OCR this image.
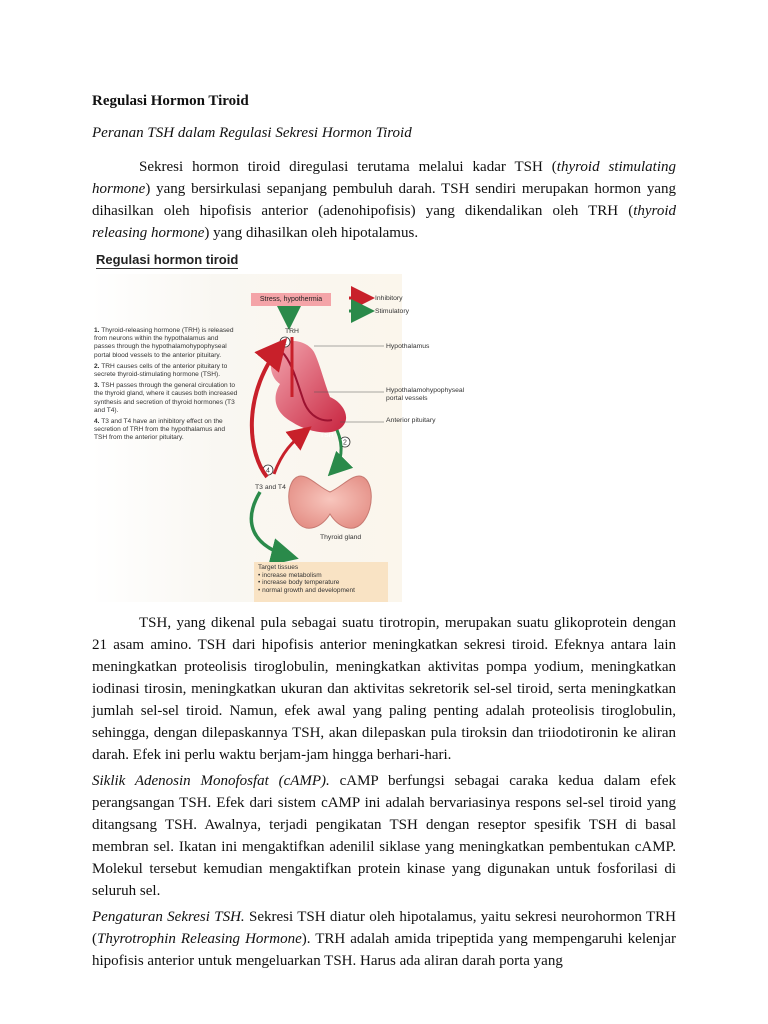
Regulasi Hormon Tiroid
Peranan TSH dalam Regulasi Sekresi Hormon Tiroid
Sekresi hormon tiroid diregulasi terutama melalui kadar TSH (thyroid stimulating hormone) yang bersirkulasi sepanjang pembuluh darah. TSH sendiri merupakan hormon yang dihasilkan oleh hipofisis anterior (adenohipofisis) yang dikendalikan oleh TRH (thyroid releasing hormone) yang dihasilkan oleh hipotalamus.
TSH, yang dikenal pula sebagai suatu tirotropin, merupakan suatu glikoprotein dengan 21 asam amino. TSH dari hipofisis anterior meningkatkan sekresi tiroid. Efeknya antara lain meningkatkan proteolisis tiroglobulin, meningkatkan aktivitas pompa yodium, meningkatkan iodinasi tirosin, meningkatkan ukuran dan aktivitas sekretorik sel-sel tiroid, serta meningkatkan jumlah sel-sel tiroid. Namun, efek awal yang paling penting adalah proteolisis tiroglobulin, sehingga, dengan dilepaskannya TSH, akan dilepaskan pula tiroksin dan triiodotironin ke aliran darah. Efek ini perlu waktu berjam-jam hingga berhari-hari.
Siklik Adenosin Monofosfat (cAMP). cAMP berfungsi sebagai caraka kedua dalam efek perangsangan TSH. Efek dari sistem cAMP ini adalah bervariasinya respons sel-sel tiroid yang ditangsang TSH. Awalnya, terjadi pengikatan TSH dengan reseptor spesifik TSH di basal membran sel. Ikatan ini mengaktifkan adenilil siklase yang meningkatkan pembentukan cAMP. Molekul tersebut kemudian mengaktifkan protein kinase yang digunakan untuk fosforilasi di seluruh sel.
Pengaturan Sekresi TSH. Sekresi TSH diatur oleh hipotalamus, yaitu sekresi neurohormon TRH (Thyrotrophin Releasing Hormone). TRH adalah amida tripeptida yang mempengaruhi kelenjar hipofisis anterior untuk mengeluarkan TSH. Harus ada aliran darah porta yang
Regulasi hormon tiroid
1. Thyroid-releasing hormone (TRH) is released from neurons within the hypothalamus and passes through the hypothalamohypophyseal portal blood vessels to the anterior pituitary.
2. TRH causes cells of the anterior pituitary to secrete thyroid-stimulating hormone (TSH).
3. TSH passes through the general circulation to the thyroid gland, where it causes both increased synthesis and secretion of thyroid hormones (T3 and T4).
4. T3 and T4 have an inhibitory effect on the secretion of TRH from the hypothalamus and TSH from the anterior pituitary.
1
2
4
Stress, hypothermia	Inhibitory
Stimulatory
TRH
Hypothalamus
Hypothalamohypophyseal portal vessels
Anterior pituitary
TSH
T3 and T4
Thyroid gland
Target tissues
• increase metabolism
• increase body temperature
• normal growth and development
